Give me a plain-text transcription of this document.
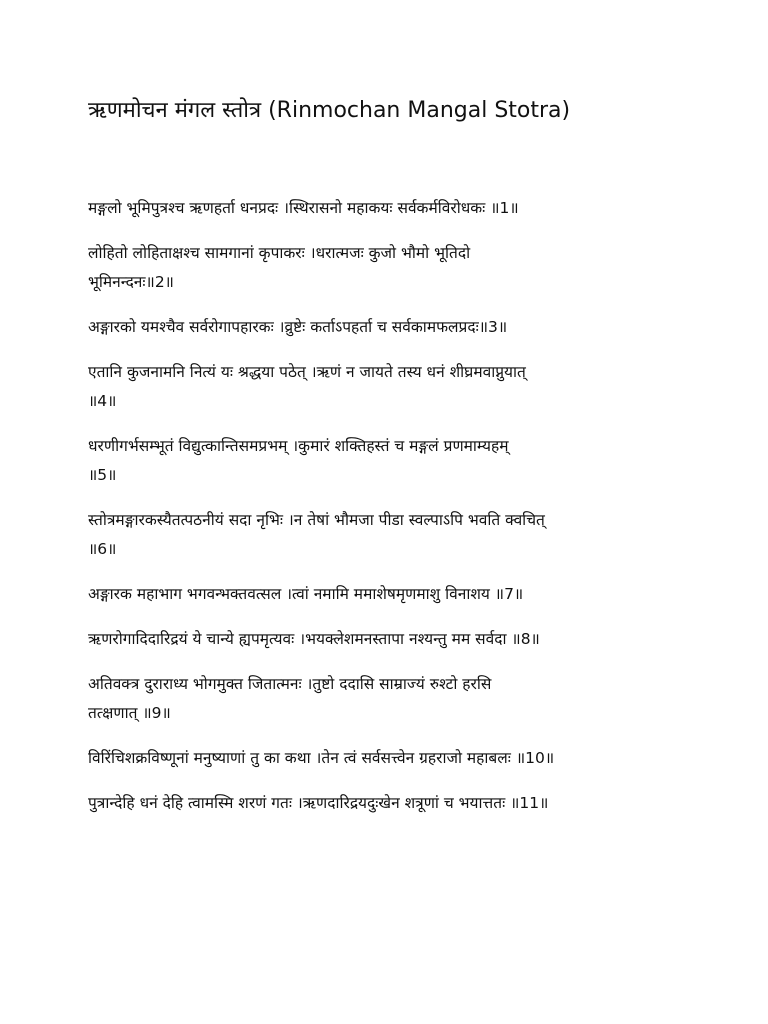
ऋणमोचन मंगल स्तोत्र (Rinmochan Mangal Stotra)

मङ्गलो भूमिपुत्रश्च ऋणहर्ता धनप्रदः ।स्थिरासनो महाकयः सर्वकर्मविरोधकः ॥1॥

लोहितो लोहिताक्षश्च सामगानां कृपाकरः ।धरात्मजः कुजो भौमो भूतिदो
भूमिनन्दनः॥2॥

अङ्गारको यमश्चैव सर्वरोगापहारकः ।व्रुष्टेः कर्ताऽपहर्ता च सर्वकामफलप्रदः॥3॥

एतानि कुजनामनि नित्यं यः श्रद्धया पठेत् ।ऋणं न जायते तस्य धनं शीघ्रमवाप्नुयात्
॥4॥

धरणीगर्भसम्भूतं विद्युत्कान्तिसमप्रभम् ।कुमारं शक्तिहस्तं च मङ्गलं प्रणमाम्यहम्
॥5॥

स्तोत्रमङ्गारकस्यैतत्पठनीयं सदा नृभिः ।न तेषां भौमजा पीडा स्वल्पाऽपि भवति क्वचित्
॥6॥

अङ्गारक महाभाग भगवन्भक्तवत्सल ।त्वां नमामि ममाशेषमृणमाशु विनाशय ॥7॥

ऋणरोगादिदारिद्रयं ये चान्ये ह्यपमृत्यवः ।भयक्लेशमनस्तापा नश्यन्तु मम सर्वदा ॥8॥

अतिवक्त्र दुराराध्य भोगमुक्त जितात्मनः ।तुष्टो ददासि साम्राज्यं रुश्टो हरसि
तत्क्षणात् ॥9॥

विरिंचिशक्रविष्णूनां मनुष्याणां तु का कथा ।तेन त्वं सर्वसत्त्वेन ग्रहराजो महाबलः ॥10॥

पुत्रान्देहि धनं देहि त्वामस्मि शरणं गतः ।ऋणदारिद्रयदुःखेन शत्रूणां च भयात्ततः ॥11॥
